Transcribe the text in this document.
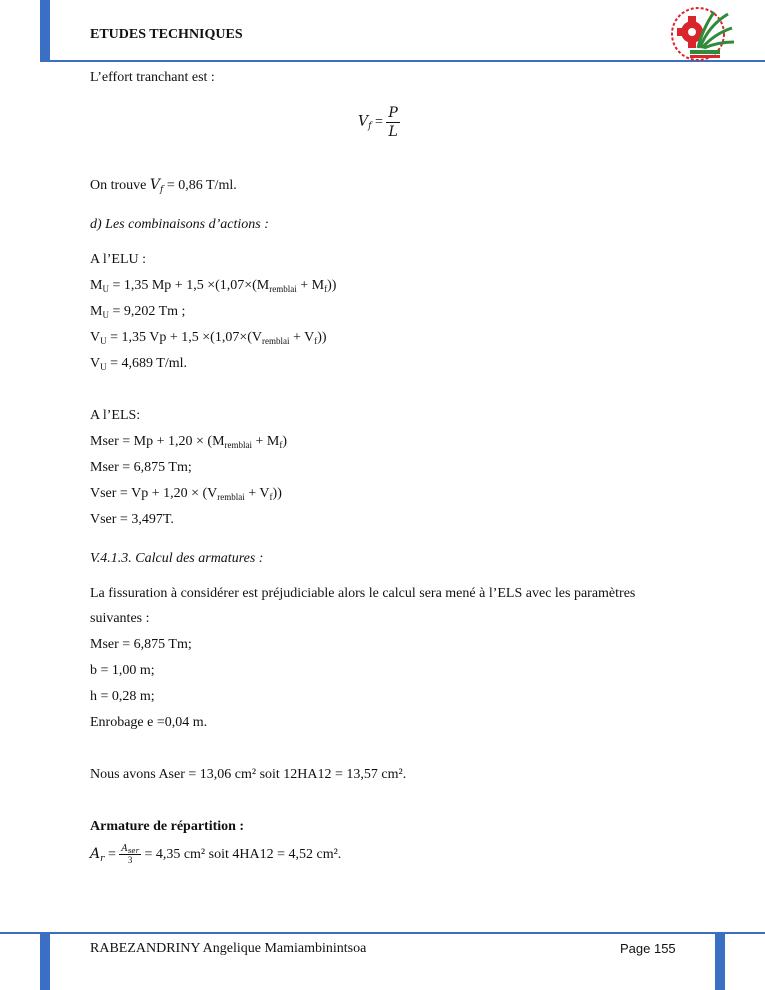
ETUDES TECHNIQUES
L’effort tranchant est :
$V_f = \frac{P}{L}$
On trouve $V_f = 0,86$ T/ml.
d) Les combinaisons d’actions :
A l’ELU :
$M_U = 1,35$ $Mp + 1,5 \times(1,07\times(M_{remblai} + M_f))$
$M_U = 9,202$ Tm ;
$V_U = 1,35$ $Vp + 1,5 \times(1,07\times(V_{remblai} + V_f))$
$V_U = 4,689$ T/ml.
A l’ELS:
Mser = $Mp + 1,20 \times (M_{remblai} + M_f)$
Mser = 6,875 Tm;
Vser = $Vp + 1,20 \times (V_{remblai} + V_f)$)
Vser = 3,497T.
V.4.1.3. Calcul des armatures :
La fissuration à considérer est préjudiciable alors le calcul sera mené à l’ELS avec les paramètres
suivantes :
Mser = 6,875 Tm;
b = 1,00 m;
h = 0,28 m;
Enrobage e =0,04 m.
Nous avons Aser = 13,06 cm² soit 12HA12 = 13,57 cm².
Armature de répartition :
$A_r = \frac{A_{ser}}{3} = 4,35$ cm² soit 4HA12 = 4,52 cm².
RABEZANDRINY Angelique Mamiambinintsoa	Page 155
